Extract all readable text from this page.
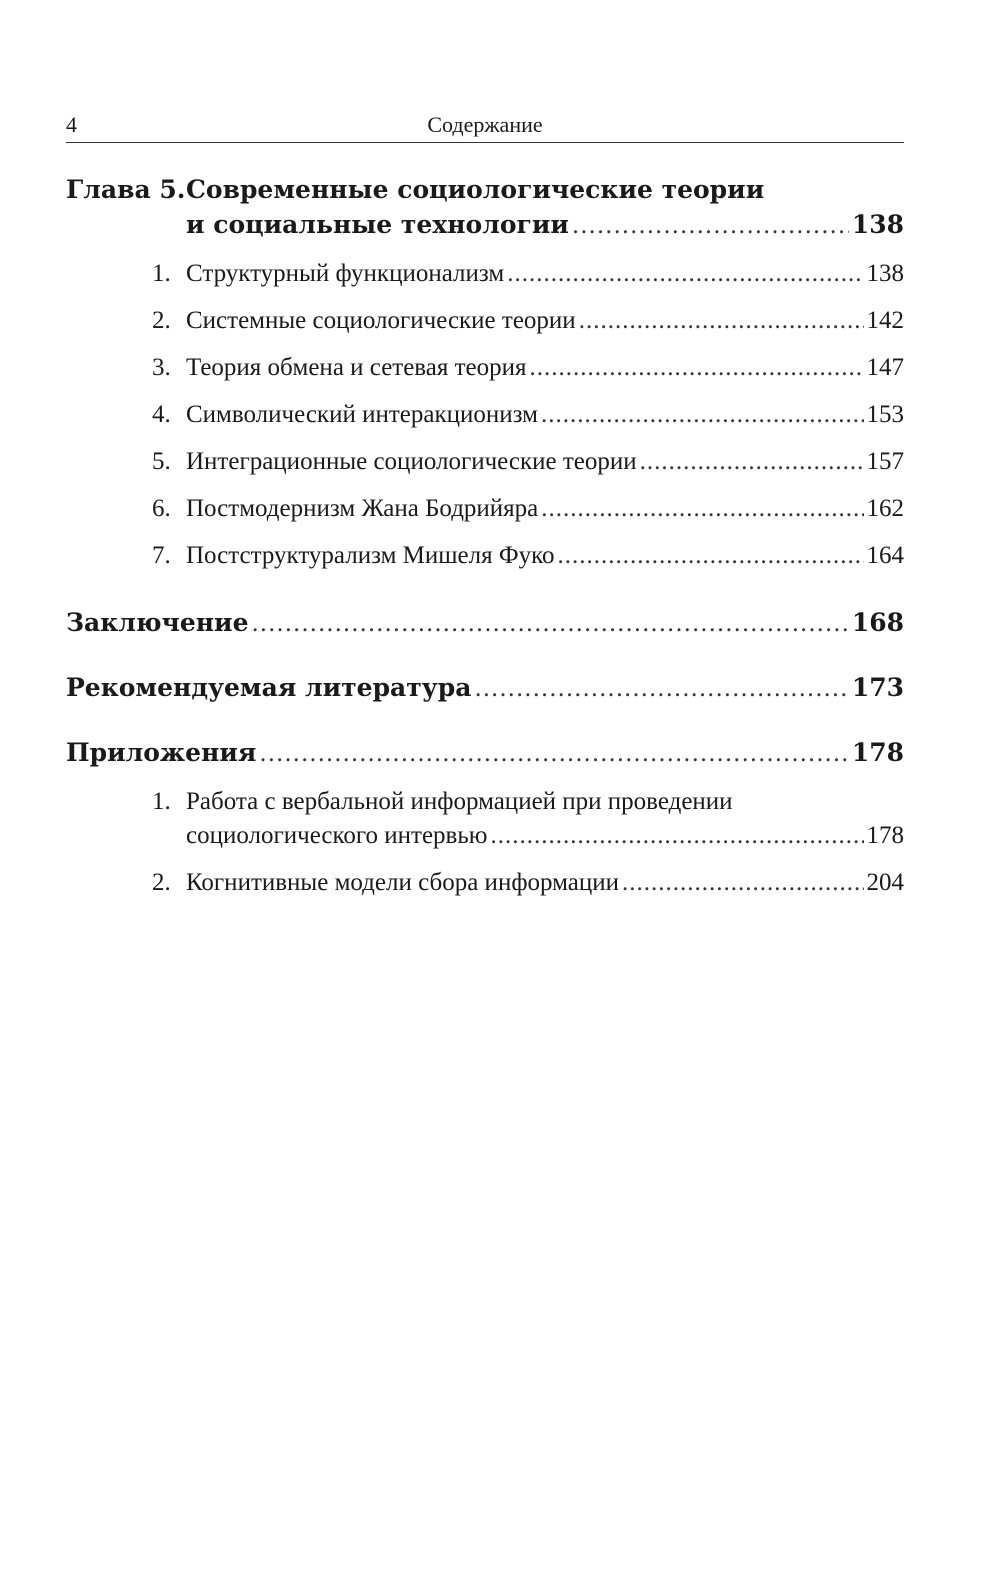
4	Содержание
Глава 5. Современные социологические теории
и социальные технологии .....	138
1. Структурный функционализм .....	138
2. Системные социологические теории .....	142
3. Теория обмена и сетевая теория .....	147
4. Символический интеракционизм .....	153
5. Интеграционные социологические теории .....	157
6. Постмодернизм Жана Бодрийяра .....	162
7. Постструктурализм Мишеля Фуко .....	164
Заключение .....	168
Рекомендуемая литература .....	173
Приложения .....	178
1. Работа с вербальной информацией при проведении
социологического интервью .....	178
2. Когнитивные модели сбора информации .....	204
